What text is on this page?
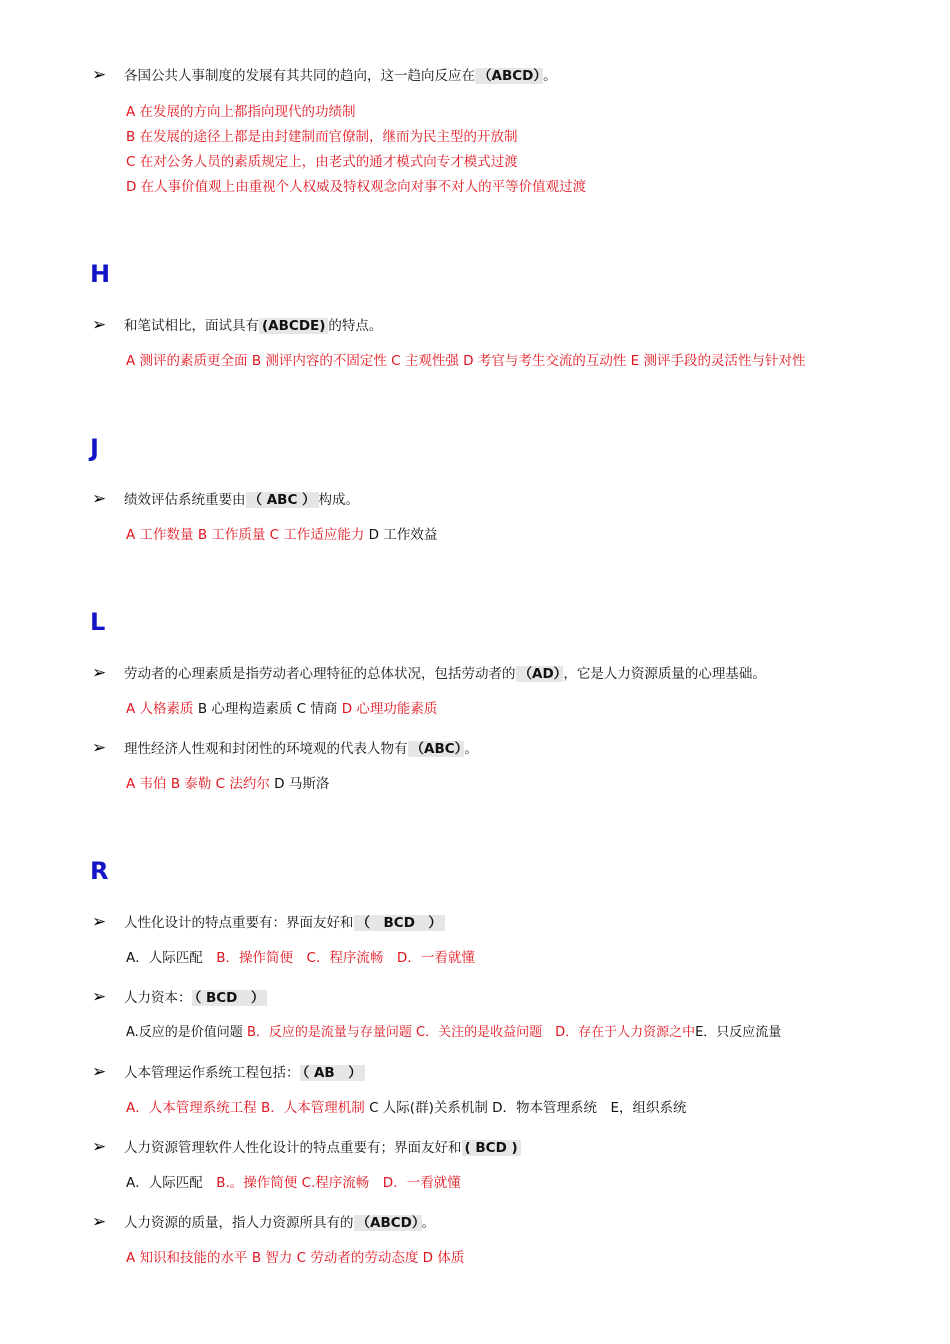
➢ 各国公共人事制度的发展有其共同的趋向，这一趋向反应在 （ABCD） 。
A 在发展的方向上都指向现代的功绩制
B 在发展的途径上都是由封建制而官僚制，继而为民主型的开放制
C 在对公务人员的素质规定上，由老式的通才模式向专才模式过渡
D 在人事价值观上由重视个人权威及特权观念向对事不对人的平等价值观过渡
H
➢ 和笔试相比，面试具有 (ABCDE) 的特点。
A 测评的素质更全面 B 测评内容的不固定性 C 主观性强 D 考官与考生交流的互动性 E 测评手段的灵活性与针对性
J
➢ 绩效评估系统重要由 （ ABC ） 构成。
A 工作数量 B 工作质量 C 工作适应能力 D 工作效益
L
➢ 劳动者的心理素质是指劳动者心理特征的总体状况，包括劳动者的 （AD） ，它是人力资源质量的心理基础。
A 人格素质 B 心理构造素质 C 情商 D 心理功能素质
➢ 理性经济人性观和封闭性的环境观的代表人物有 （ABC） 。
A 韦伯 B 泰勒 C 法约尔 D 马斯洛
R
➢ 人性化设计的特点重要有：界面友好和 （　BCD　）
A．人际匹配　B．操作简便　C．程序流畅　D．一看就懂
➢ 人力资本： （ BCD　）
A.反应的是价值问题 B．反应的是流量与存量问题 C．关注的是收益问题　D．存在于人力资源之中E．只反应流量
➢ 人本管理运作系统工程包括： （ AB　）
A．人本管理系统工程 B．人本管理机制 C 人际(群)关系机制 D．物本管理系统　E，组织系统
➢ 人力资源管理软件人性化设计的特点重要有；界面友好和 ( BCD )
A．人际匹配　B.。操作简便 C.程序流畅　D．一看就懂
➢ 人力资源的质量，指人力资源所具有的 （ABCD） 。
A 知识和技能的水平 B 智力 C 劳动者的劳动态度 D 体质
